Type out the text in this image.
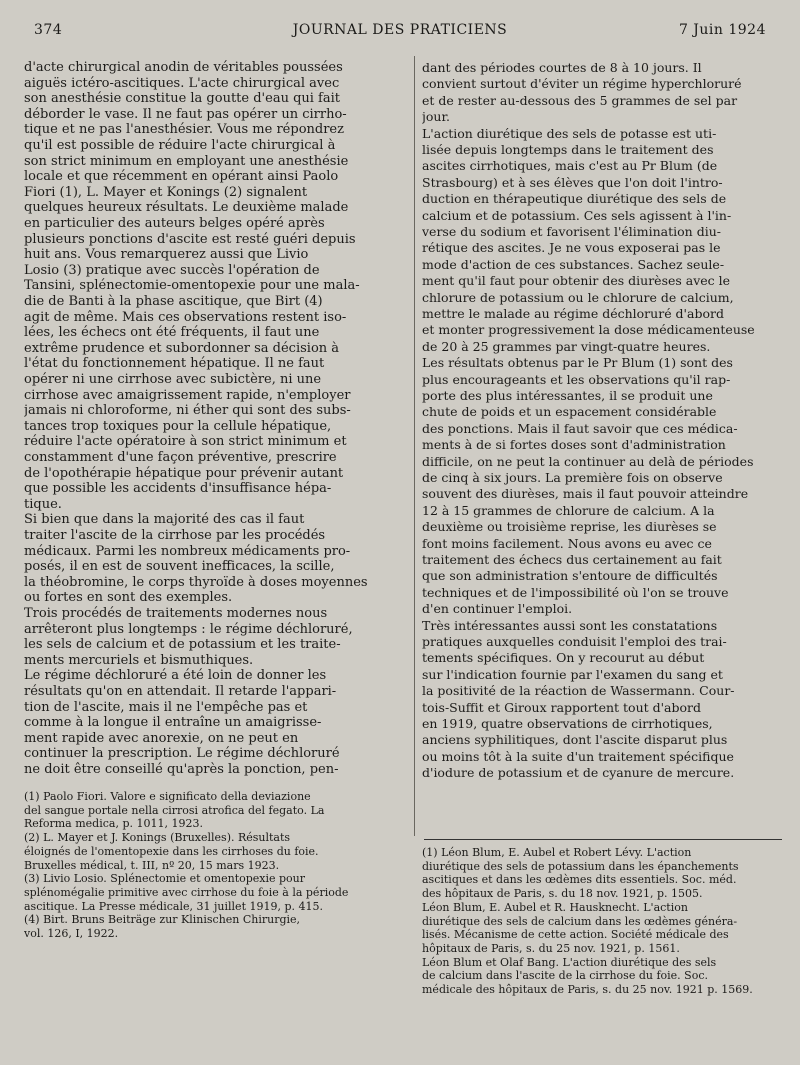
374	JOURNAL DES PRATICIENS	7 Juin 1924
d'acte chirurgical anodin de véritables poussées
aiguës ictéro-ascitiques. L'acte chirurgical avec
son anesthésie constitue la goutte d'eau qui fait
déborder le vase. Il ne faut pas opérer un cirrho-
tique et ne pas l'anesthésier. Vous me répondrez
qu'il est possible de réduire l'acte chirurgical à
son strict minimum en employant une anesthésie
locale et que récemment en opérant ainsi Paolo
Fiori (1), L. Mayer et Konings (2) signalent
quelques heureux résultats. Le deuxième malade
en particulier des auteurs belges opéré après
plusieurs ponctions d'ascite est resté guéri depuis
huit ans. Vous remarquerez aussi que Livio
Losio (3) pratique avec succès l'opération de
Tansini, splénectomie-omentopexie pour une mala-
die de Banti à la phase ascitique, que Birt (4)
agit de même. Mais ces observations restent iso-
lées, les échecs ont été fréquents, il faut une
extrême prudence et subordonner sa décision à
l'état du fonctionnement hépatique. Il ne faut
opérer ni une cirrhose avec subictère, ni une
cirrhose avec amaigrissement rapide, n'employer
jamais ni chloroforme, ni éther qui sont des subs-
tances trop toxiques pour la cellule hépatique,
réduire l'acte opératoire à son strict minimum et
constamment d'une façon préventive, prescrire
de l'opothérapie hépatique pour prévenir autant
que possible les accidents d'insuffisance hépa-
tique.
Si bien que dans la majorité des cas il faut
traiter l'ascite de la cirrhose par les procédés
médicaux. Parmi les nombreux médicaments pro-
posés, il en est de souvent inefficaces, la scille,
la théobromine, le corps thyroïde à doses moyennes
ou fortes en sont des exemples.
Trois procédés de traitements modernes nous
arrêteront plus longtemps : le régime déchloruré,
les sels de calcium et de potassium et les traite-
ments mercuriels et bismuthiques.
Le régime déchloruré a été loin de donner les
résultats qu'on en attendait. Il retarde l'appari-
tion de l'ascite, mais il ne l'empêche pas et
comme à la longue il entraîne un amaigrisse-
ment rapide avec anorexie, on ne peut en
continuer la prescription. Le régime déchloruré
ne doit être conseillé qu'après la ponction, pen-
(1) Paolo Fiori. Valore e significato della deviazione
del sangue portale nella cirrosi atrofica del fegato. La
Reforma medica, p. 1011, 1923.
(2) L. Mayer et J. Konings (Bruxelles). Résultats
éloignés de l'omentopexie dans les cirrhoses du foie.
Bruxelles médical, t. III, nº 20, 15 mars 1923.
(3) Livio Losio. Splénectomie et omentopexie pour
splénomégalie primitive avec cirrhose du foie à la période
ascitique. La Presse médicale, 31 juillet 1919, p. 415.
(4) Birt. Bruns Beiträge zur Klinischen Chirurgie,
vol. 126, I, 1922.
dant des périodes courtes de 8 à 10 jours. Il
convient surtout d'éviter un régime hyperchloruré
et de rester au-dessous des 5 grammes de sel par
jour.
L'action diurétique des sels de potasse est uti-
lisée depuis longtemps dans le traitement des
ascites cirrhotiques, mais c'est au Pr Blum (de
Strasbourg) et à ses élèves que l'on doit l'intro-
duction en thérapeutique diurétique des sels de
calcium et de potassium. Ces sels agissent à l'in-
verse du sodium et favorisent l'élimination diu-
rétique des ascites. Je ne vous exposerai pas le
mode d'action de ces substances. Sachez seule-
ment qu'il faut pour obtenir des diurèses avec le
chlorure de potassium ou le chlorure de calcium,
mettre le malade au régime déchloruré d'abord
et monter progressivement la dose médicamenteuse
de 20 à 25 grammes par vingt-quatre heures.
Les résultats obtenus par le Pr Blum (1) sont des
plus encourageants et les observations qu'il rap-
porte des plus intéressantes, il se produit une
chute de poids et un espacement considérable
des ponctions. Mais il faut savoir que ces médica-
ments à de si fortes doses sont d'administration
difficile, on ne peut la continuer au delà de périodes
de cinq à six jours. La première fois on observe
souvent des diurèses, mais il faut pouvoir atteindre
12 à 15 grammes de chlorure de calcium. A la
deuxième ou troisième reprise, les diurèses se
font moins facilement. Nous avons eu avec ce
traitement des échecs dus certainement au fait
que son administration s'entoure de difficultés
techniques et de l'impossibilité où l'on se trouve
d'en continuer l'emploi.
Très intéressantes aussi sont les constatations
pratiques auxquelles conduisit l'emploi des trai-
tements spécifiques. On y recourut au début
sur l'indication fournie par l'examen du sang et
la positivité de la réaction de Wassermann. Cour-
tois-Suffit et Giroux rapportent tout d'abord
en 1919, quatre observations de cirrhotiques,
anciens syphilitiques, dont l'ascite disparut plus
ou moins tôt à la suite d'un traitement spécifique
d'iodure de potassium et de cyanure de mercure.
(1) Léon Blum, E. Aubel et Robert Lévy. L'action
diurétique des sels de potassium dans les épanchements
ascitiques et dans les œdèmes dits essentiels. Soc. méd.
des hôpitaux de Paris, s. du 18 nov. 1921, p. 1505.
Léon Blum, E. Aubel et R. Hausknecht. L'action
diurétique des sels de calcium dans les œdèmes généra-
lisés. Mécanisme de cette action. Société médicale des
hôpitaux de Paris, s. du 25 nov. 1921, p. 1561.
Léon Blum et Olaf Bang. L'action diurétique des sels
de calcium dans l'ascite de la cirrhose du foie. Soc.
médicale des hôpitaux de Paris, s. du 25 nov. 1921 p. 1569.
